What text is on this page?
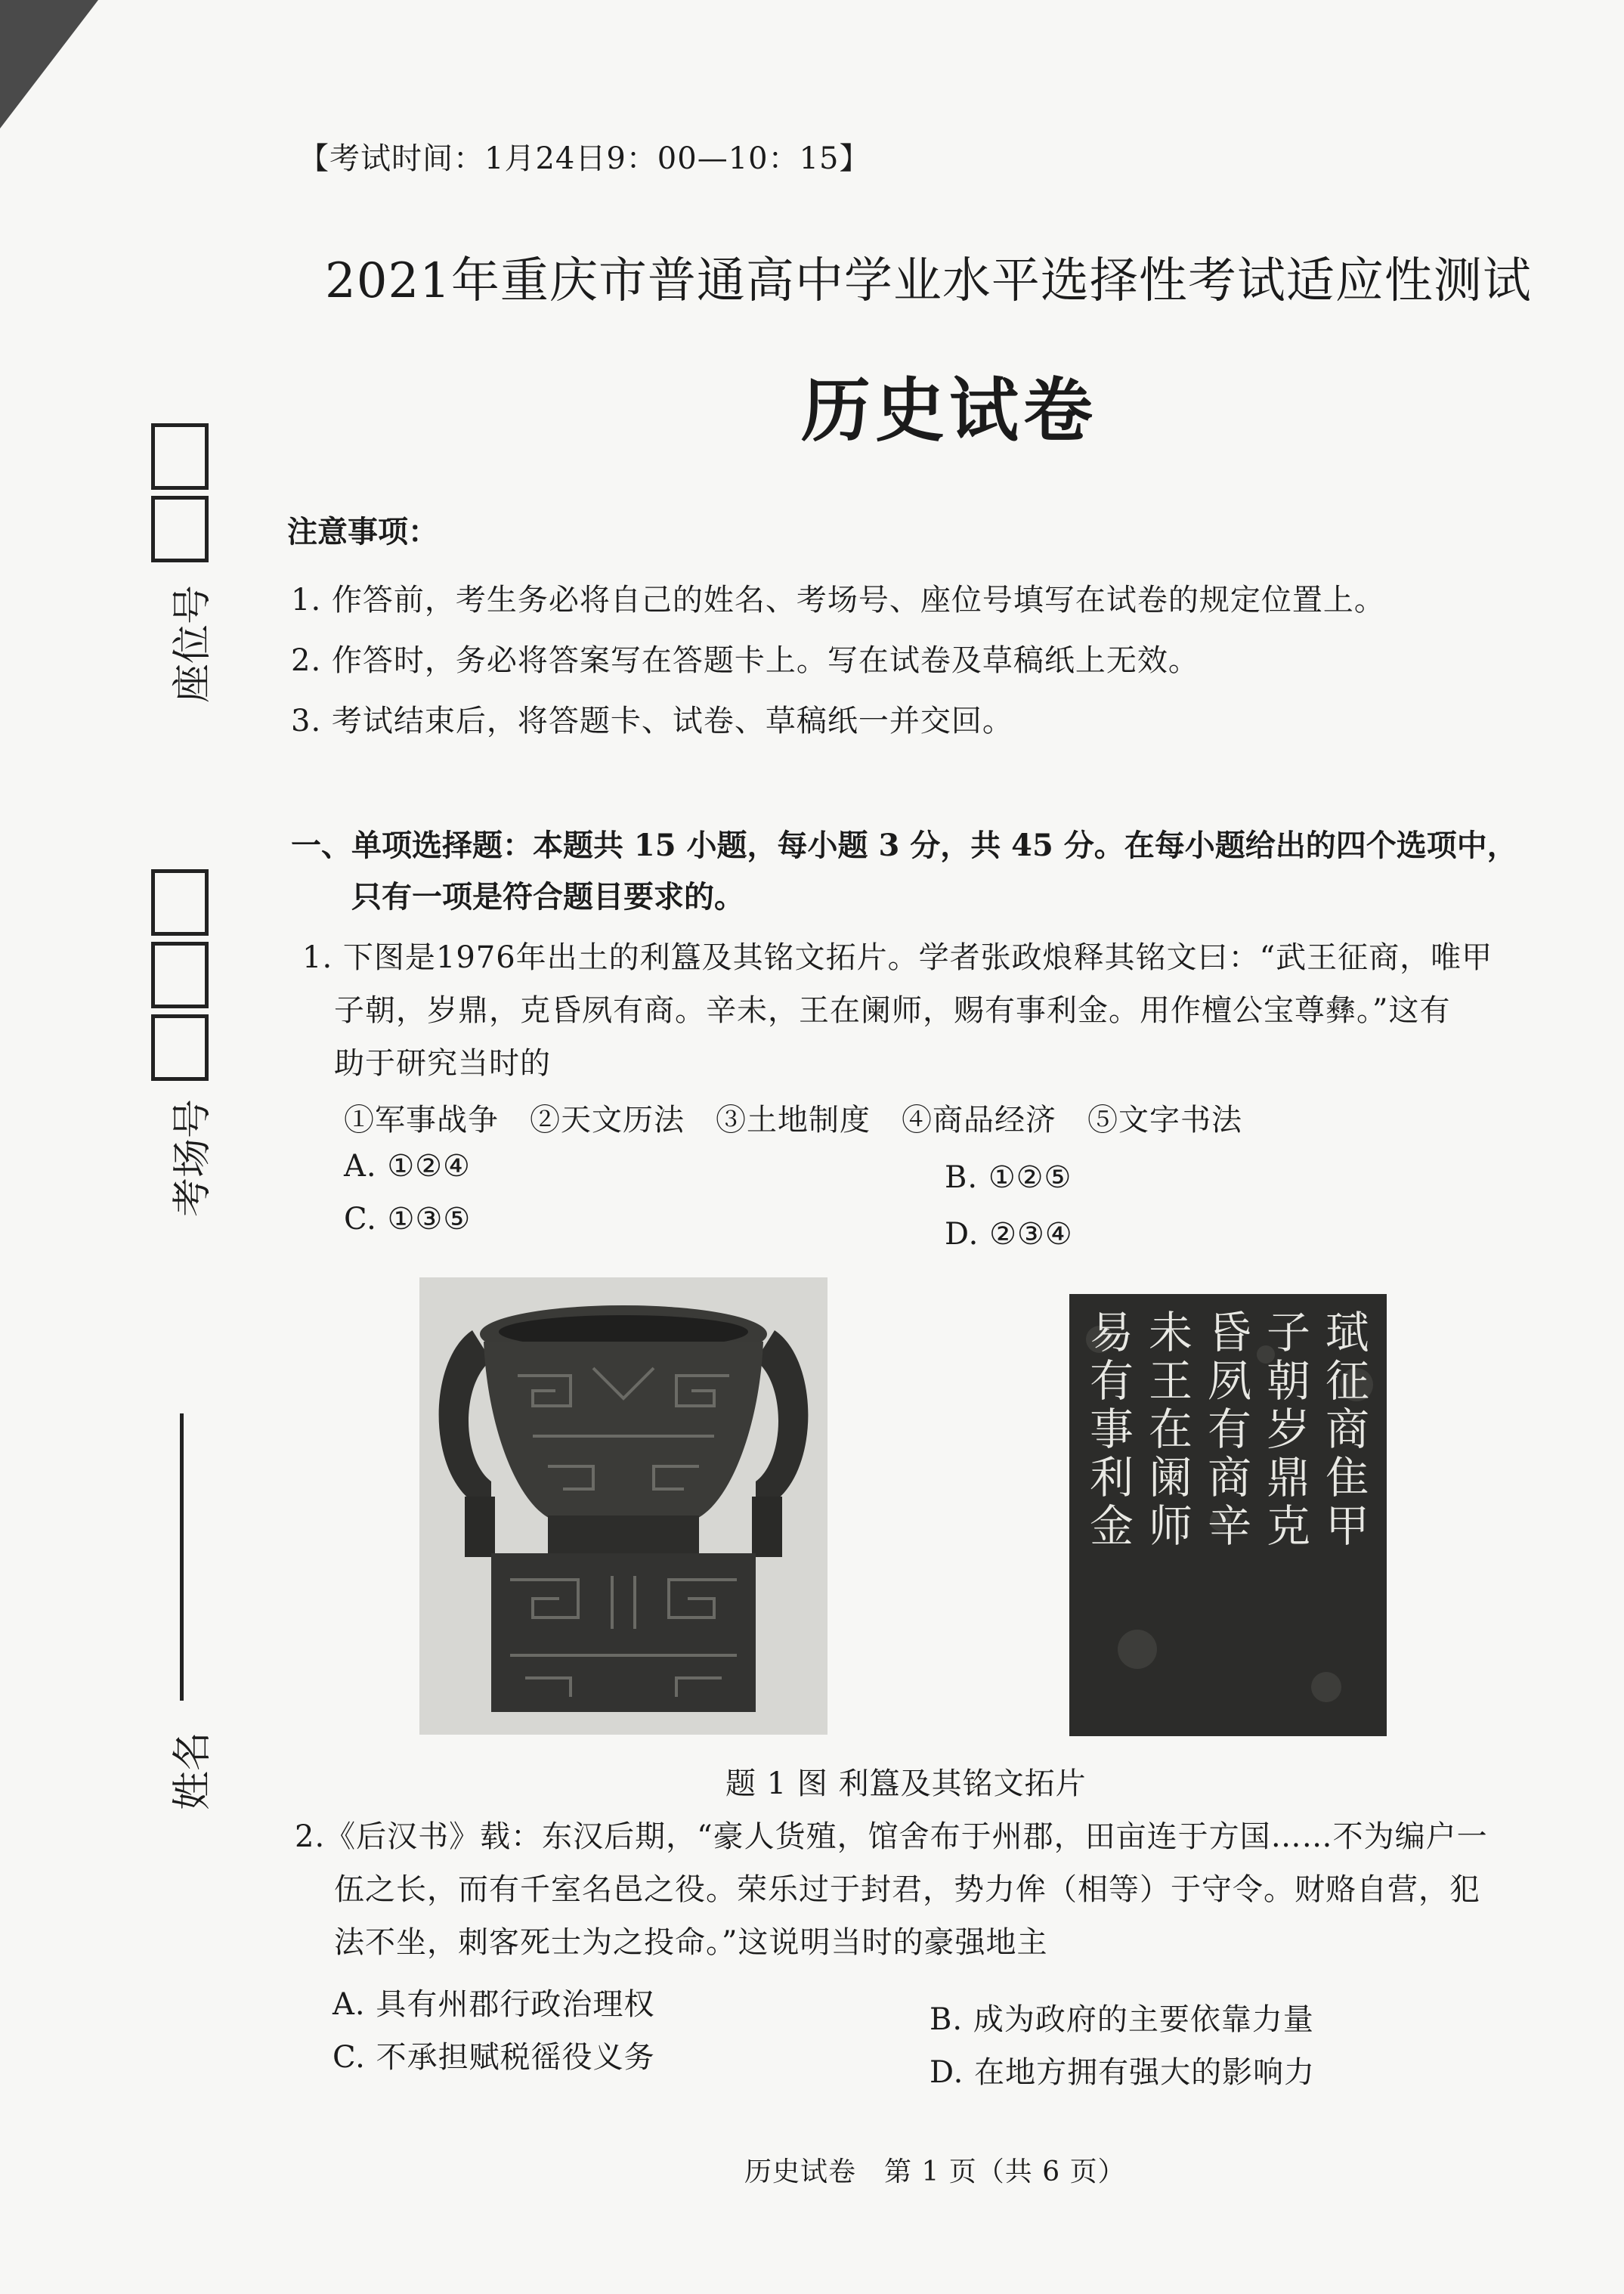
【考试时间：1月24日9：00—10：15】
2021年重庆市普通高中学业水平选择性考试适应性测试
历史试卷
座位号
考场号
姓名
注意事项：
1. 作答前，考生务必将自己的姓名、考场号、座位号填写在试卷的规定位置上。
2. 作答时，务必将答案写在答题卡上。写在试卷及草稿纸上无效。
3. 考试结束后，将答题卡、试卷、草稿纸一并交回。
一、单项选择题：本题共 15 小题，每小题 3 分，共 45 分。在每小题给出的四个选项中，
只有一项是符合题目要求的。
1. 下图是1976年出土的利簋及其铭文拓片。学者张政烺释其铭文曰：“武王征商，唯甲
子朝，岁鼎，克昏夙有商。辛未，王在阑师，赐有事利金。用作檀公宝尊彝。”这有
助于研究当时的
①军事战争　②天文历法　③土地制度　④商品经济　⑤文字书法
A. ①②④	B. ①②⑤
C. ①③⑤	D. ②③④
珷征商隹甲
子朝岁鼎克
昏夙有商辛
未王在阑师
易有事利金
题 1 图 利簋及其铭文拓片
2.《后汉书》载：东汉后期，“豪人货殖，馆舍布于州郡，田亩连于方国……不为编户一
伍之长，而有千室名邑之役。荣乐过于封君，势力侔（相等）于守令。财赂自营，犯
法不坐，刺客死士为之投命。”这说明当时的豪强地主
A. 具有州郡行政治理权	B. 成为政府的主要依靠力量
C. 不承担赋税徭役义务	D. 在地方拥有强大的影响力
历史试卷　第 1 页（共 6 页）
